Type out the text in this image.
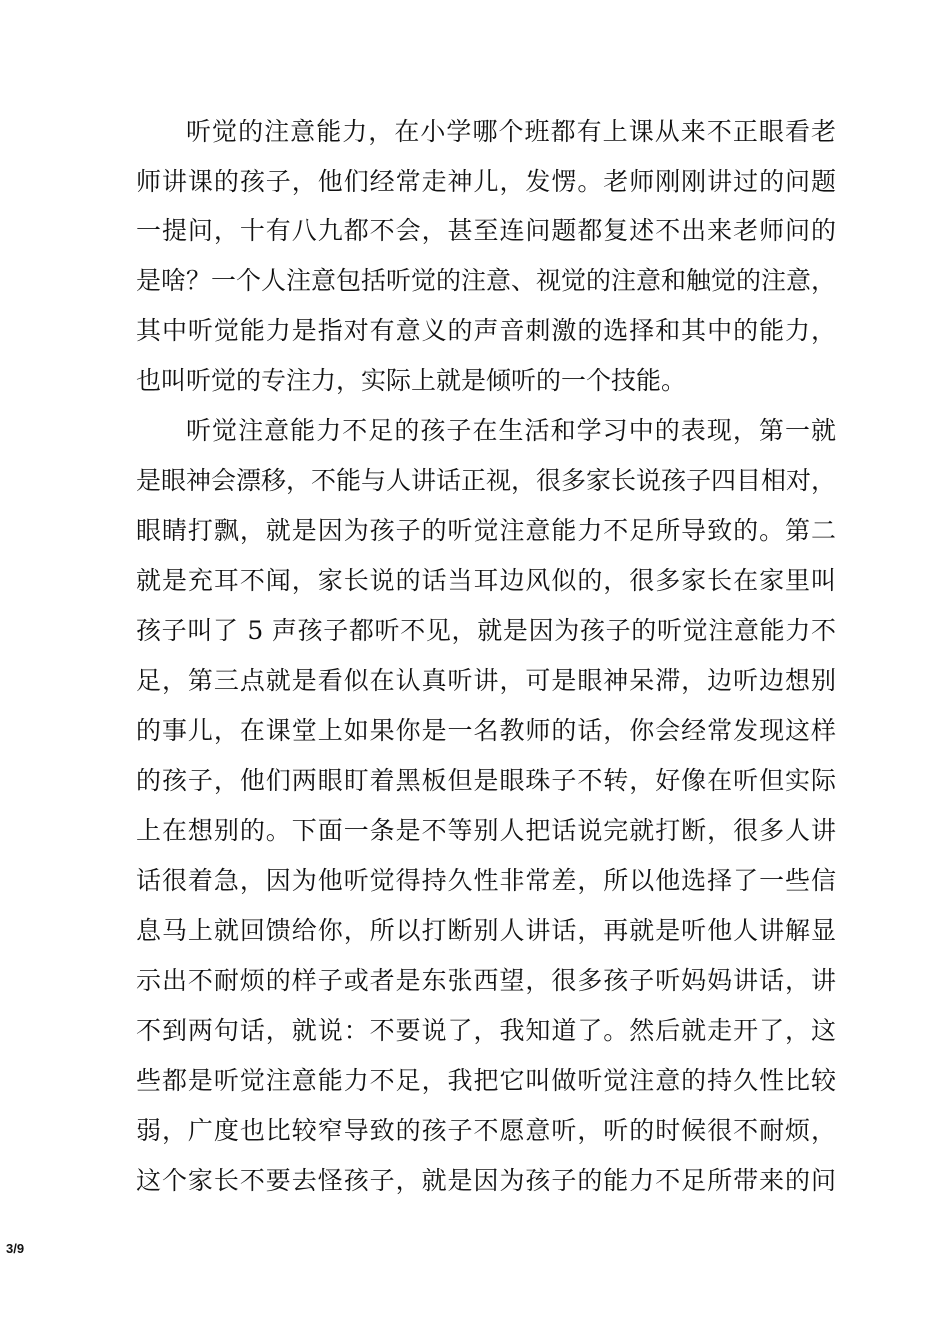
听觉的注意能力，在小学哪个班都有上课从来不正眼看老
师讲课的孩子，他们经常走神儿，发愣。老师刚刚讲过的问题
一提问，十有八九都不会，甚至连问题都复述不出来老师问的
是啥？一个人注意包括听觉的注意、视觉的注意和触觉的注意，
其中听觉能力是指对有意义的声音刺激的选择和其中的能力，
也叫听觉的专注力，实际上就是倾听的一个技能。
听觉注意能力不足的孩子在生活和学习中的表现，第一就
是眼神会漂移，不能与人讲话正视，很多家长说孩子四目相对，
眼睛打飘，就是因为孩子的听觉注意能力不足所导致的。第二
就是充耳不闻，家长说的话当耳边风似的，很多家长在家里叫
孩子叫了 5 声孩子都听不见，就是因为孩子的听觉注意能力不
足，第三点就是看似在认真听讲，可是眼神呆滞，边听边想别
的事儿，在课堂上如果你是一名教师的话，你会经常发现这样
的孩子，他们两眼盯着黑板但是眼珠子不转，好像在听但实际
上在想别的。下面一条是不等别人把话说完就打断，很多人讲
话很着急，因为他听觉得持久性非常差，所以他选择了一些信
息马上就回馈给你，所以打断别人讲话，再就是听他人讲解显
示出不耐烦的样子或者是东张西望，很多孩子听妈妈讲话，讲
不到两句话，就说：不要说了，我知道了。然后就走开了，这
些都是听觉注意能力不足，我把它叫做听觉注意的持久性比较
弱，广度也比较窄导致的孩子不愿意听，听的时候很不耐烦，
这个家长不要去怪孩子，就是因为孩子的能力不足所带来的问
3/9
